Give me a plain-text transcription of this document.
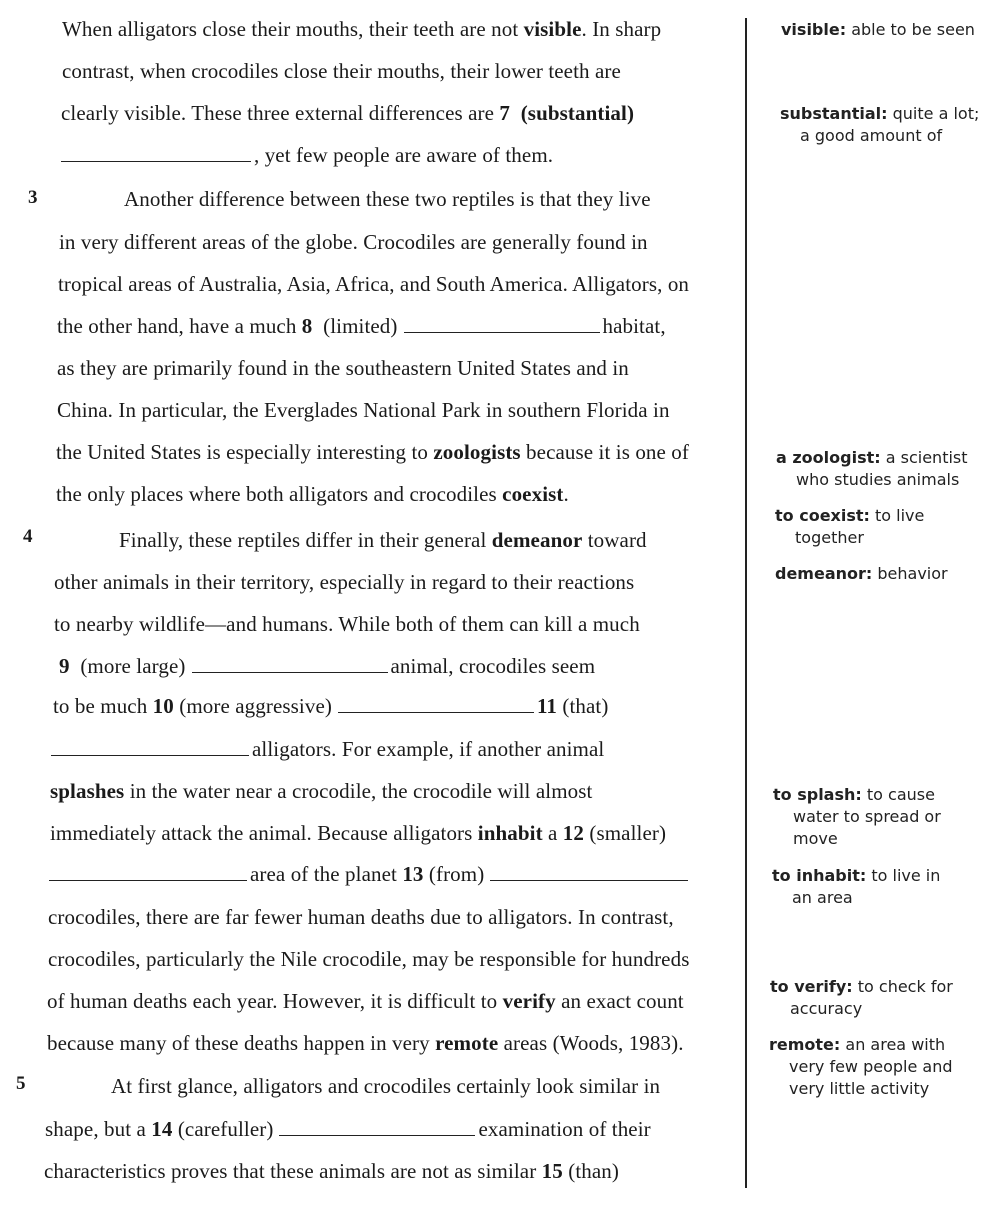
When alligators close their mouths, their teeth are not visible. In sharp
contrast, when crocodiles close their mouths, their lower teeth are
clearly visible. These three external differences are 7 (substantial)
, yet few people are aware of them.
3	Another difference between these two reptiles is that they live
in very different areas of the globe. Crocodiles are generally found in
tropical areas of Australia, Asia, Africa, and South America. Alligators, on
the other hand, have a much 8 (limited)	habitat,
as they are primarily found in the southeastern United States and in
China. In particular, the Everglades National Park in southern Florida in
the United States is especially interesting to zoologists because it is one of
the only places where both alligators and crocodiles coexist.
4	Finally, these reptiles differ in their general demeanor toward
other animals in their territory, especially in regard to their reactions
to nearby wildlife—and humans. While both of them can kill a much
9 (more large)	animal, crocodiles seem
to be much 10 (more aggressive)	11 (that)
alligators. For example, if another animal
splashes in the water near a crocodile, the crocodile will almost
immediately attack the animal. Because alligators inhabit a 12 (smaller)
area of the planet 13 (from)
crocodiles, there are far fewer human deaths due to alligators. In contrast,
crocodiles, particularly the Nile crocodile, may be responsible for hundreds
of human deaths each year. However, it is difficult to verify an exact count
because many of these deaths happen in very remote areas (Woods, 1983).
5	At first glance, alligators and crocodiles certainly look similar in
shape, but a 14 (carefuller)	examination of their
characteristics proves that these animals are not as similar 15 (than)
visible: able to be seen
substantial: quite a lot;
a good amount of
a zoologist: a scientist
who studies animals
to coexist: to live
together
demeanor: behavior
to splash: to cause
water to spread or
move
to inhabit: to live in
an area
to verify: to check for
accuracy
remote: an area with
very few people and
very little activity
